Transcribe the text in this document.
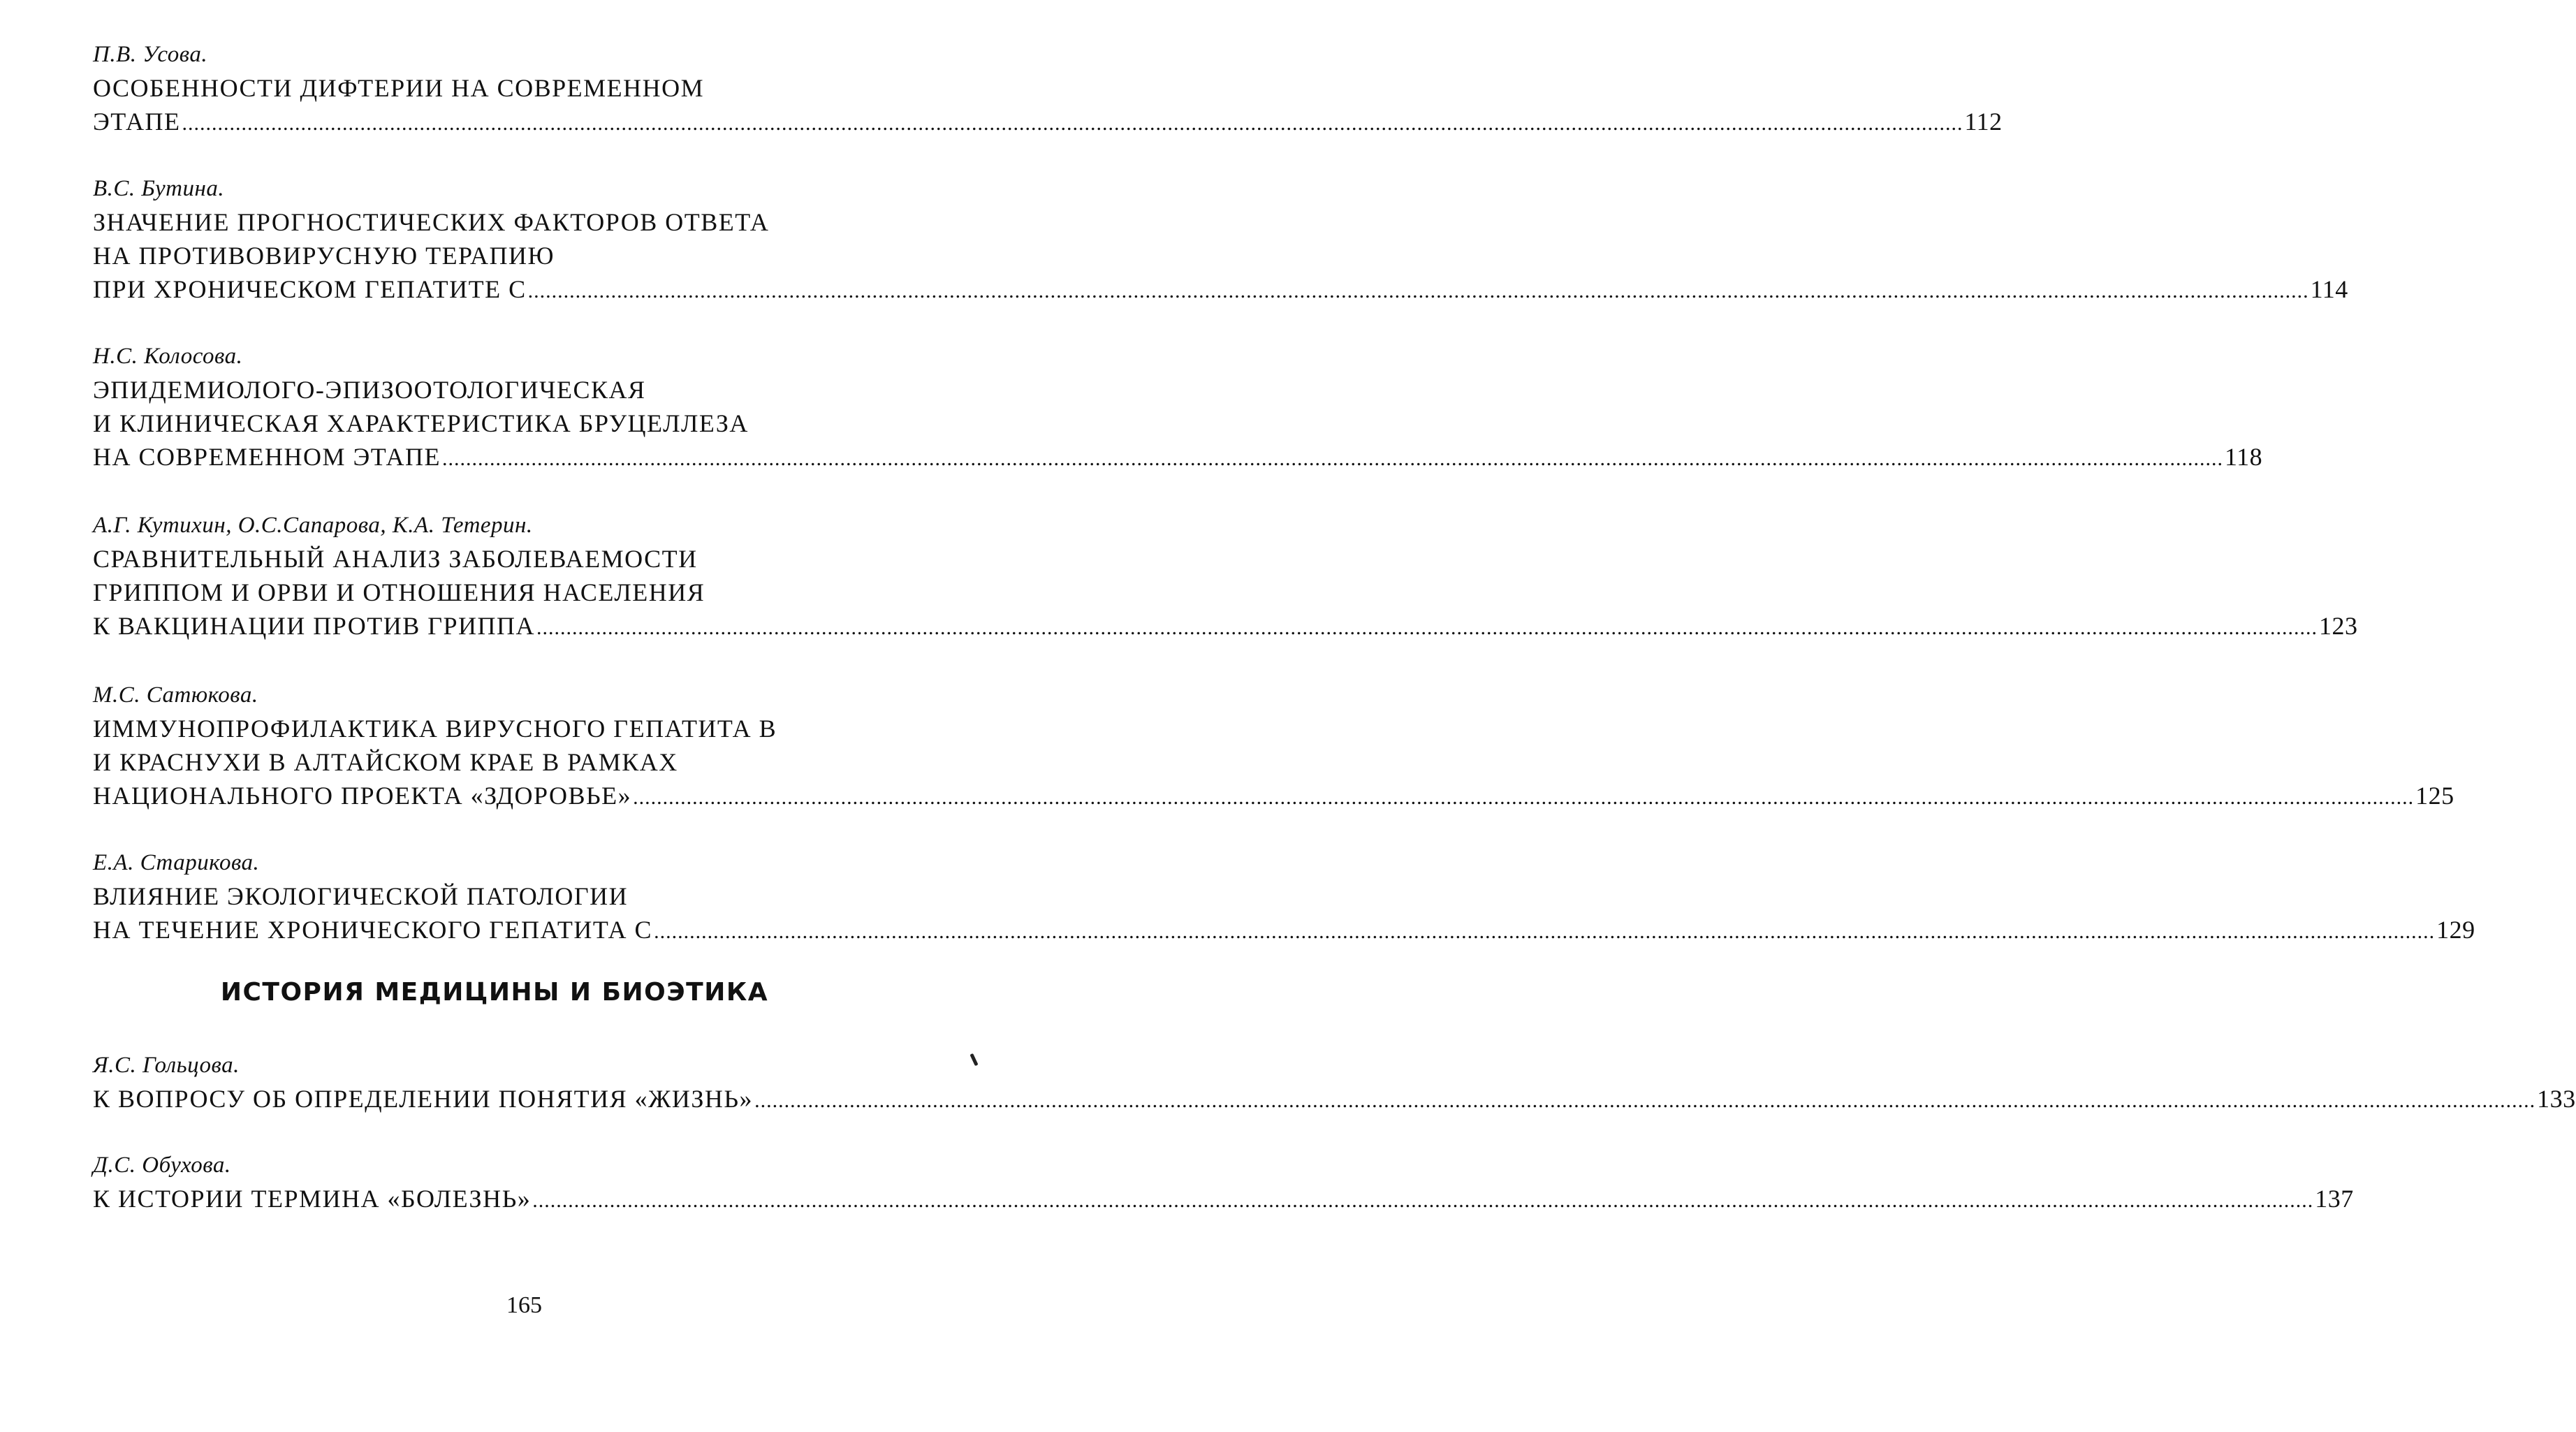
П.В. Усова.
ОСОБЕННОСТИ ДИФТЕРИИ НА СОВРЕМЕННОМ
ЭТАПЕ ............................................................................................................................................................................................................................................................................................................ 112
В.С. Бутина.
ЗНАЧЕНИЕ ПРОГНОСТИЧЕСКИХ ФАКТОРОВ ОТВЕТА
НА ПРОТИВОВИРУСНУЮ ТЕРАПИЮ
ПРИ ХРОНИЧЕСКОМ ГЕПАТИТЕ С ............................................................................................................................................................................................................................................................................................................ 114
Н.С. Колосова.
ЭПИДЕМИОЛОГО-ЭПИЗООТОЛОГИЧЕСКАЯ
И КЛИНИЧЕСКАЯ ХАРАКТЕРИСТИКА БРУЦЕЛЛЕЗА
НА СОВРЕМЕННОМ ЭТАПЕ ............................................................................................................................................................................................................................................................................................................ 118
А.Г. Кутихин, О.С.Сапарова, К.А. Тетерин.
СРАВНИТЕЛЬНЫЙ АНАЛИЗ ЗАБОЛЕВАЕМОСТИ
ГРИППОМ И ОРВИ И ОТНОШЕНИЯ НАСЕЛЕНИЯ
К ВАКЦИНАЦИИ ПРОТИВ ГРИППА ............................................................................................................................................................................................................................................................................................................ 123
М.С. Сатюкова.
ИММУНОПРОФИЛАКТИКА ВИРУСНОГО ГЕПАТИТА В
И КРАСНУХИ В АЛТАЙСКОМ КРАЕ В РАМКАХ
НАЦИОНАЛЬНОГО ПРОЕКТА «ЗДОРОВЬЕ» ............................................................................................................................................................................................................................................................................................................ 125
Е.А. Старикова.
ВЛИЯНИЕ ЭКОЛОГИЧЕСКОЙ ПАТОЛОГИИ
НА ТЕЧЕНИЕ ХРОНИЧЕСКОГО ГЕПАТИТА С ............................................................................................................................................................................................................................................................................................................ 129
ИСТОРИЯ МЕДИЦИНЫ И БИОЭТИКА
Я.С. Гольцова.
К ВОПРОСУ ОБ ОПРЕДЕЛЕНИИ ПОНЯТИЯ «ЖИЗНЬ» ............................................................................................................................................................................................................................................................................................................ 133
Д.С. Обухова.
К ИСТОРИИ ТЕРМИНА «БОЛЕЗНЬ» ............................................................................................................................................................................................................................................................................................................ 137
165
